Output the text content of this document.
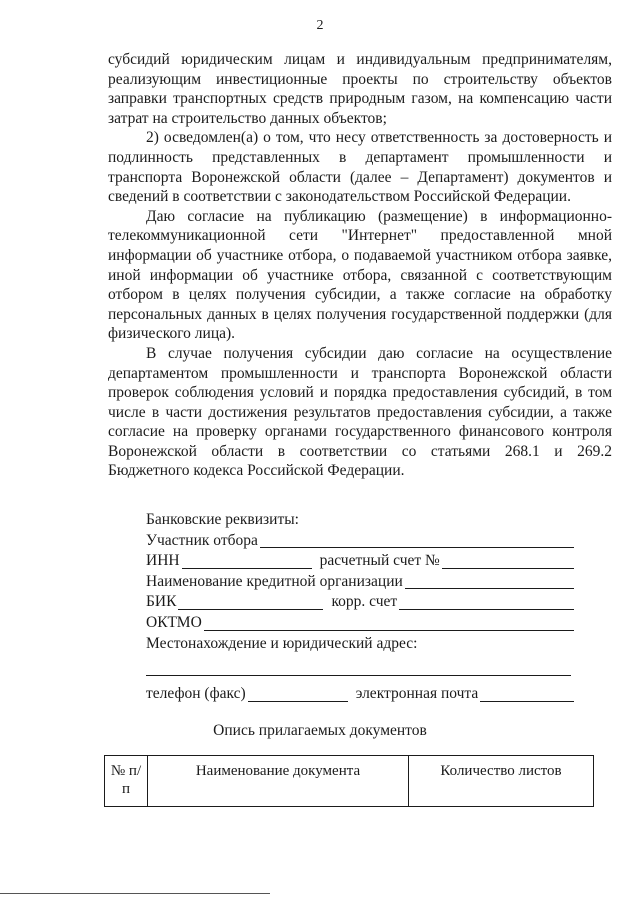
2

субсидий юридическим лицам и индивидуальным предпринимателям, реализующим инвестиционные проекты по строительству объектов заправки транспортных средств природным газом, на компенсацию части затрат на строительство данных объектов;

2) осведомлен(а) о том, что несу ответственность за достоверность и подлинность представленных в департамент промышленности и транспорта Воронежской области (далее – Департамент) документов и сведений в соответствии с законодательством Российской Федерации.

Даю согласие на публикацию (размещение) в информационно-телекоммуникационной сети "Интернет" предоставленной мной информации об участнике отбора, о подаваемой участником отбора заявке, иной информации об участнике отбора, связанной с соответствующим отбором в целях получения субсидии, а также согласие на обработку персональных данных в целях получения государственной поддержки (для физического лица).

В случае получения субсидии даю согласие на осуществление департаментом промышленности и транспорта Воронежской области проверок соблюдения условий и порядка предоставления субсидий, в том числе в части достижения результатов предоставления субсидии, а также согласие на проверку органами государственного финансового контроля Воронежской области в соответствии со статьями 268.1 и 269.2 Бюджетного кодекса Российской Федерации.

Банковские реквизиты:
Участник отбора
ИНН	расчетный счет №
Наименование кредитной организации
БИК	корр. счет
ОКТМО
Местонахождение и юридический адрес:
телефон (факс)	электронная почта
Опись прилагаемых документов
№ п/п	Наименование документа	Количество листов
